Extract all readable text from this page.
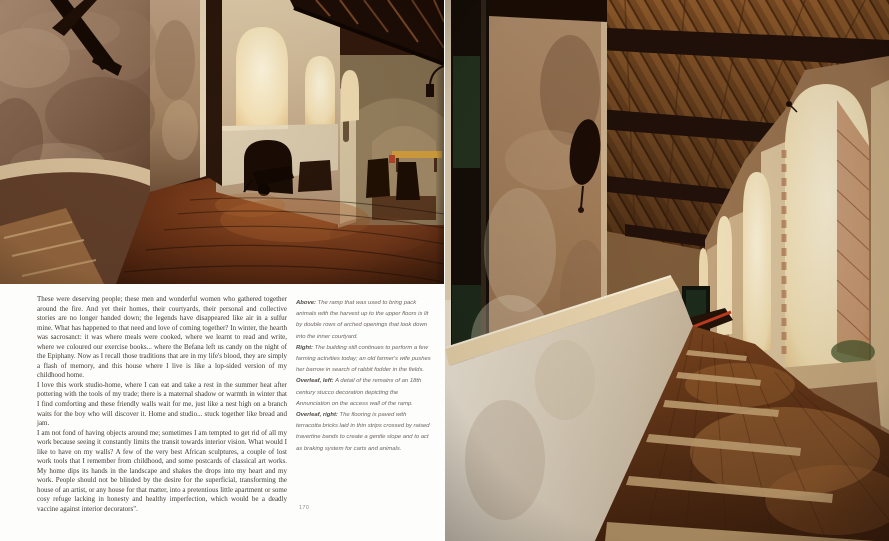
These were deserving people; these men and wonderful women who gathered together around the fire. And yet their homes, their courtyards, their personal and collective stories are no longer handed down; the legends have disappeared like air in a sulfur mine. What has happened to that need and love of coming together? In winter, the hearth was sacrosanct: it was where meals were cooked, where we learnt to read and write, where we coloured our exercise books... where the Befana left us candy on the night of the Epiphany. Now as I recall those traditions that are in my life's blood, they are simply a flash of memory, and this house where I live is like a lop-sided version of my childhood home.

I love this work studio-home, where I can eat and take a rest in the summer heat after pottering with the tools of my trade; there is a maternal shadow or warmth in winter that I find comforting and these friendly walls wait for me, just like a nest high on a branch waits for the boy who will discover it. Home and studio... stuck together like bread and jam.

I am not fond of having objects around me; sometimes I am tempted to get rid of all my work because seeing it constantly limits the transit towards interior vision. What would I like to have on my walls? A few of the very best African sculptures, a couple of lost work tools that I remember from childhood, and some postcards of classical art works. My home dips its hands in the landscape and shakes the drops into my heart and my work. People should not be blinded by the desire for the superficial, transforming the house of an artist, or any house for that matter, into a pretentious little apartment or some cosy refuge lacking in honesty and healthy imperfection, which would be a deadly vaccine against interior decorators".

Above: The ramp that was used to bring pack animals with the harvest up to the upper floors is lit by double rows of arched openings that look down into the inner courtyard.

Right: The building still continues to perform a few farming activities today; an old farmer's wife pushes her barrow in search of rabbit fodder in the fields.

Overleaf, left: A detail of the remains of an 18th century stucco decoration depicting the Annunciation on the access wall of the ramp.

Overleaf, right: The flooring is paved with terracotta bricks laid in thin strips crossed by raised travertine bands to create a gentle slope and to act as braking system for carts and animals.

170
